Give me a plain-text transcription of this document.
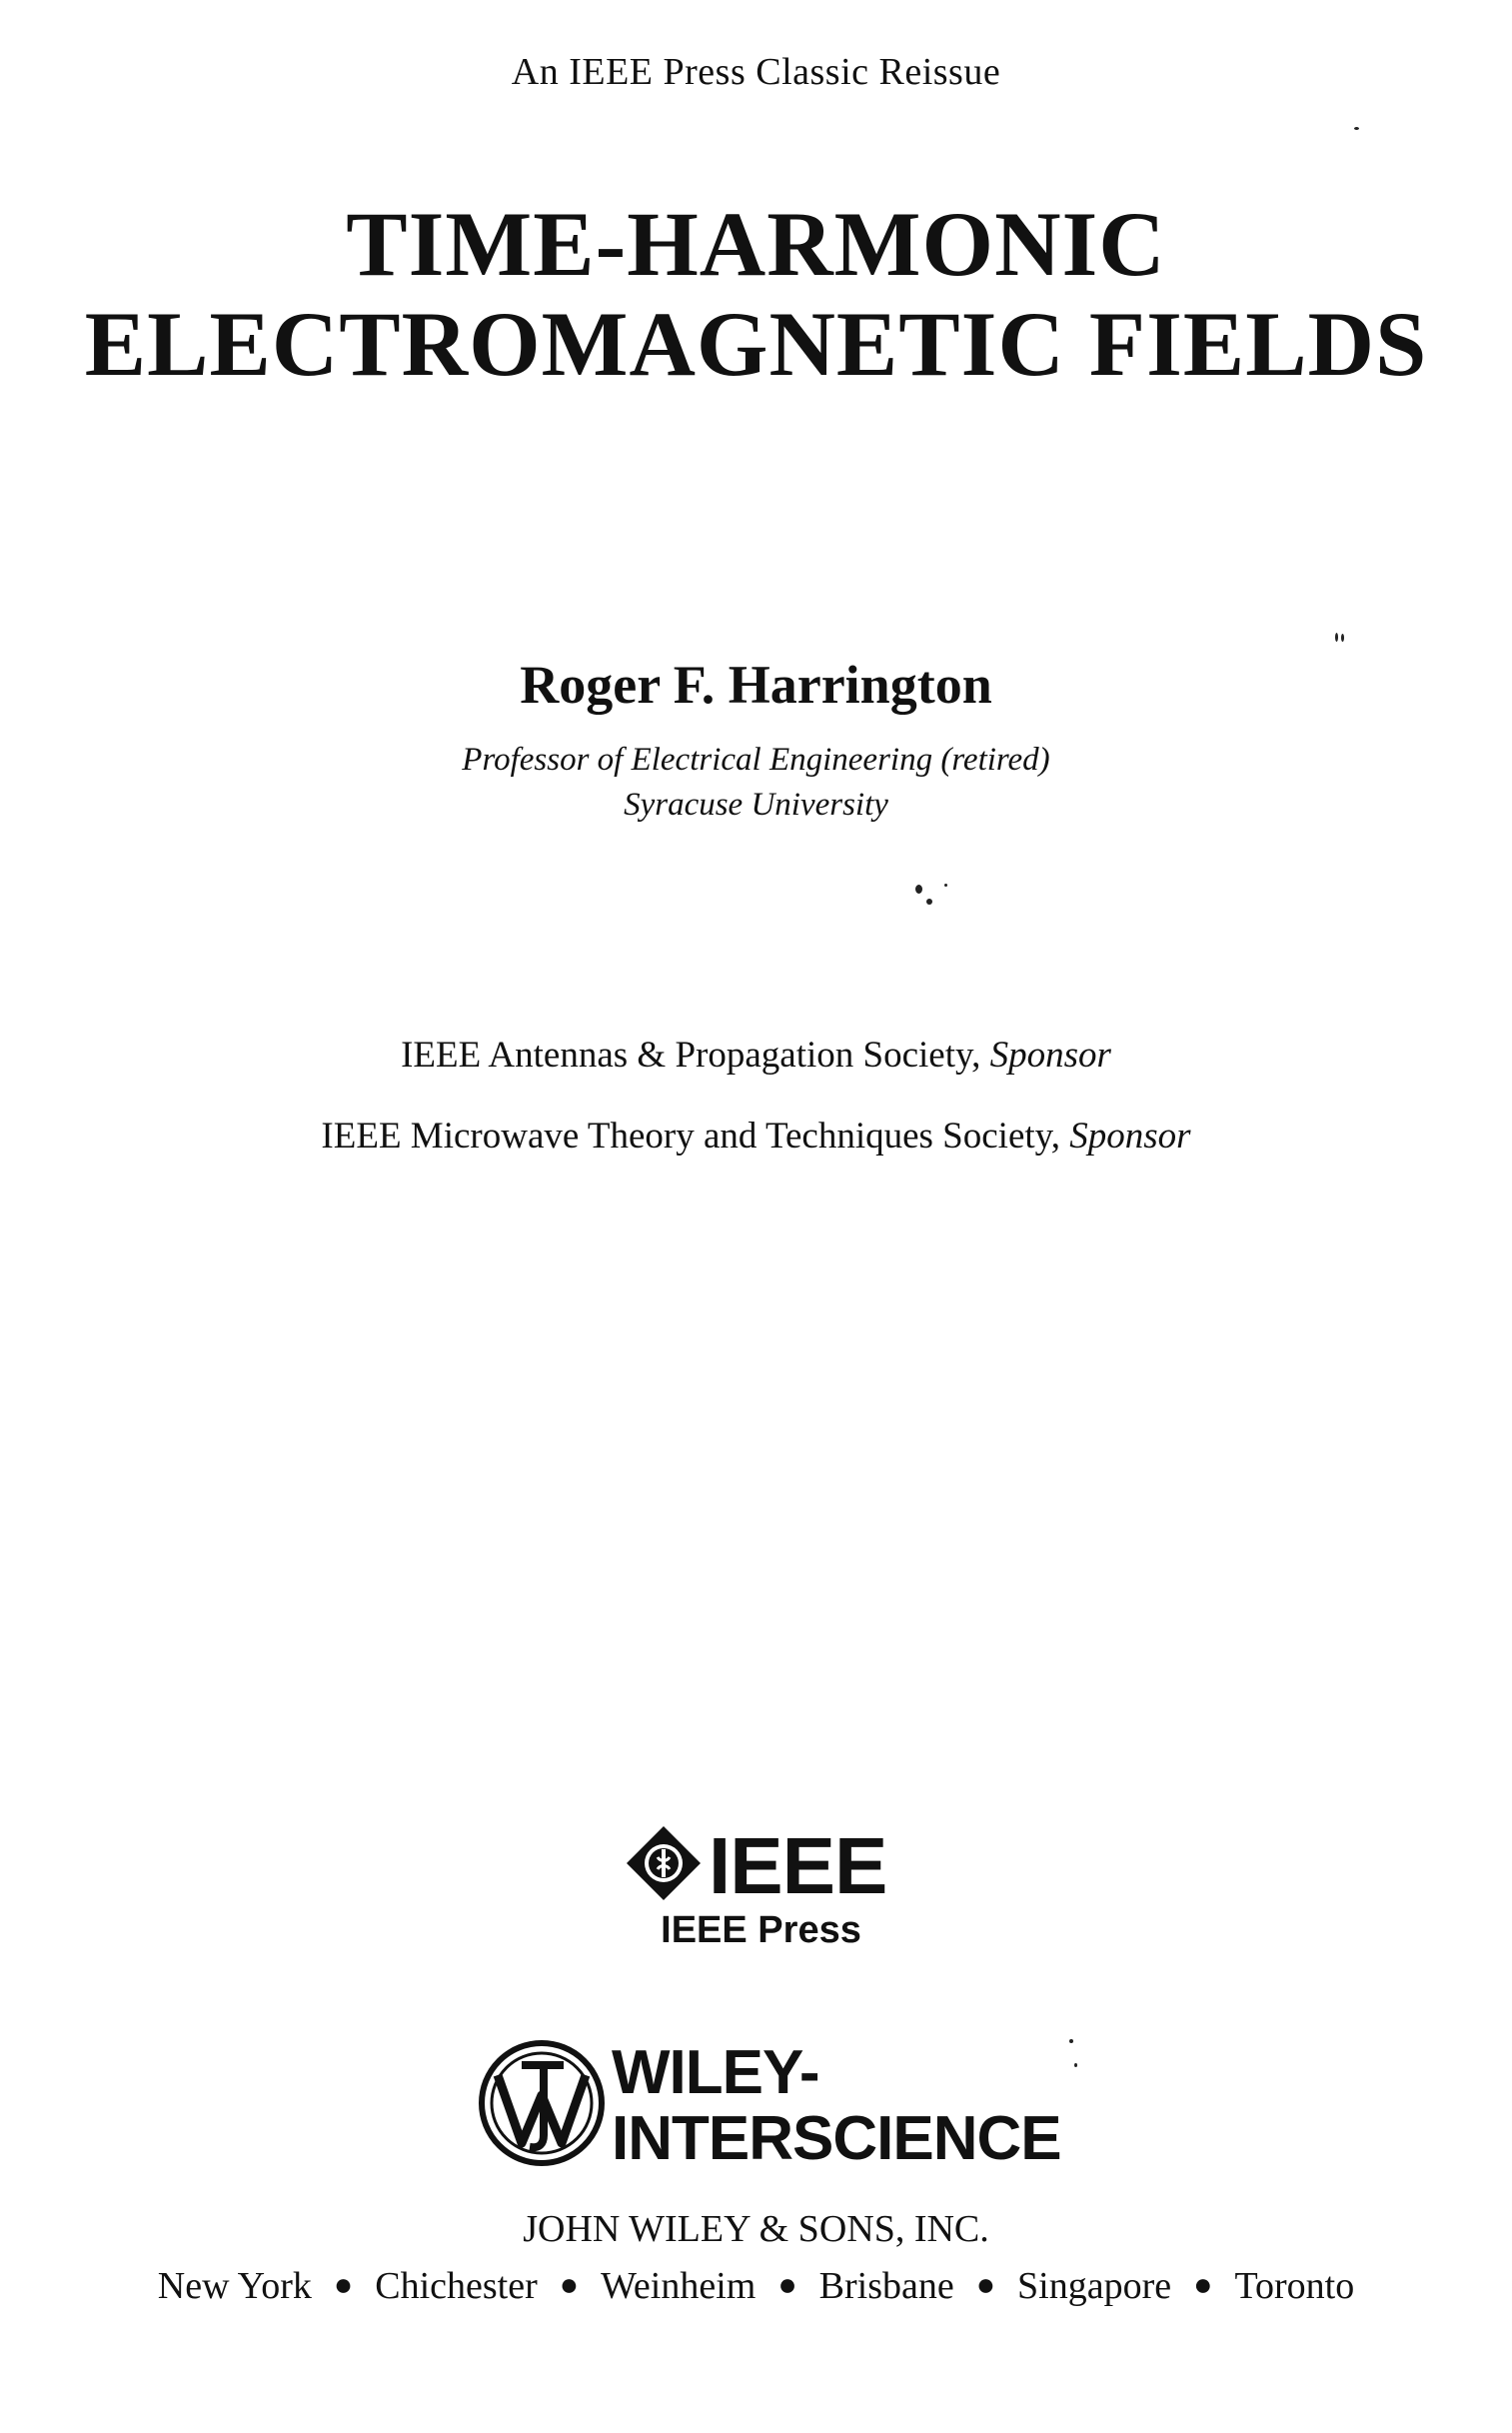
An IEEE Press Classic Reissue
TIME-HARMONIC
ELECTROMAGNETIC FIELDS
Roger F. Harrington
Professor of Electrical Engineering (retired)
Syracuse University
IEEE Antennas & Propagation Society, Sponsor
IEEE Microwave Theory and Techniques Society, Sponsor
IEEE
IEEE Press
WILEY-
INTERSCIENCE
JOHN WILEY & SONS, INC.
New York ● Chichester ● Weinheim ● Brisbane ● Singapore ● Toronto
